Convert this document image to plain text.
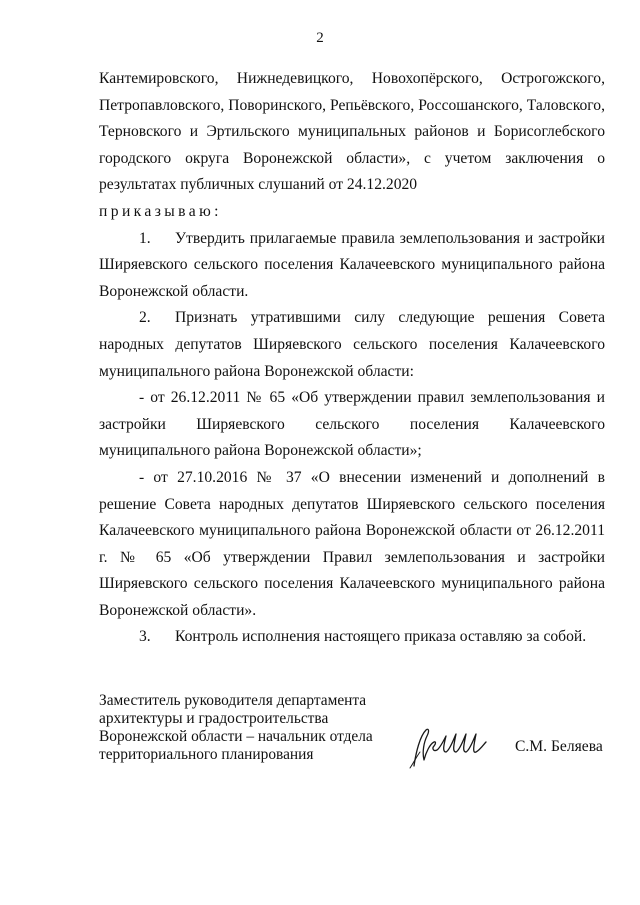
2

Кантемировского, Нижнедевицкого, Новохопёрского, Острогожского, Петропавловского, Поворинского, Репьёвского, Россошанского, Таловского, Терновского и Эртильского муниципальных районов и Борисоглебского городского округа Воронежской области», с учетом заключения о результатах публичных слушаний от 24.12.2020

приказываю:

1. Утвердить прилагаемые правила землепользования и застройки Ширяевского сельского поселения Калачеевского муниципального района Воронежской области.

2. Признать утратившими силу следующие решения Совета народных депутатов Ширяевского сельского поселения Калачеевского муниципального района Воронежской области:

- от 26.12.2011 № 65 «Об утверждении правил землепользования и застройки Ширяевского сельского поселения Калачеевского муниципального района Воронежской области»;

- от 27.10.2016 № 37 «О внесении изменений и дополнений в решение Совета народных депутатов Ширяевского сельского поселения Калачеевского муниципального района Воронежской области от 26.12.2011 г. № 65 «Об утверждении Правил землепользования и застройки Ширяевского сельского поселения Калачеевского муниципального района Воронежской области».

3. Контроль исполнения настоящего приказа оставляю за собой.

Заместитель руководителя департамента
архитектуры и градостроительства
Воронежской области – начальник отдела
территориального планирования	С.М. Беляева
